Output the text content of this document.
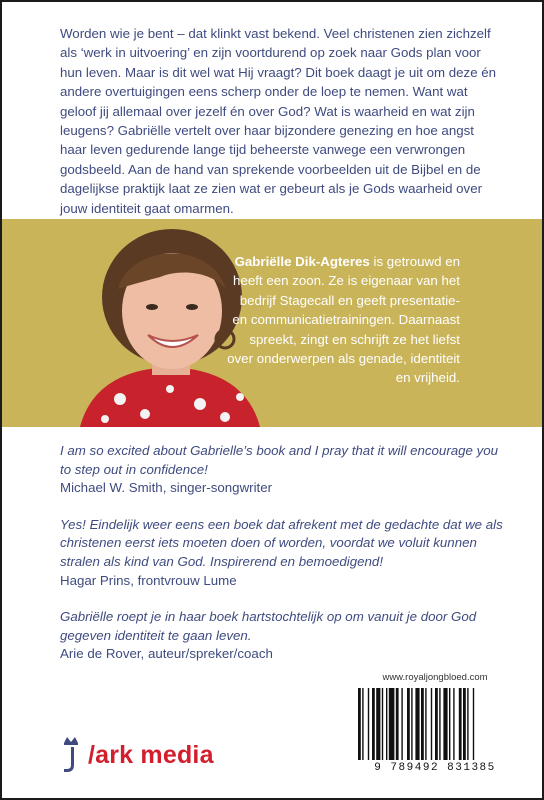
Worden wie je bent – dat klinkt vast bekend. Veel christenen zien zichzelf als ‘werk in uitvoering’ en zijn voortdurend op zoek naar Gods plan voor hun leven. Maar is dit wel wat Hij vraagt? Dit boek daagt je uit om deze én andere overtuigingen eens scherp onder de loep te nemen. Want wat geloof jij allemaal over jezelf én over God? Wat is waarheid en wat zijn leugens? Gabriëlle vertelt over haar bijzondere genezing en hoe angst haar leven gedurende lange tijd beheerste vanwege een verwrongen godsbeeld. Aan de hand van sprekende voorbeelden uit de Bijbel en de dagelijkse praktijk laat ze zien wat er gebeurt als je Gods waarheid over jouw identiteit gaat omarmen.

Gabriëlle Dik-Agteres is getrouwd en heeft een zoon. Ze is eigenaar van het bedrijf Stagecall en geeft presentatie- en communicatietrainingen. Daarnaast spreekt, zingt en schrijft ze het liefst over onderwerpen als genade, identiteit en vrijheid.

I am so excited about Gabrielle’s book and I pray that it will encourage you to step out in confidence!
Michael W. Smith, singer-songwriter
Yes! Eindelijk weer eens een boek dat afrekent met de gedachte dat we als christenen eerst iets moeten doen of worden, voordat we voluit kunnen stralen als kind van God. Inspirerend en bemoedigend!
Hagar Prins, frontvrouw Lume
Gabriëlle roept je in haar boek hartstochtelijk op om vanuit je door God gegeven identiteit te gaan leven.
Arie de Rover, auteur/spreker/coach
/ark media
www.royaljongbloed.com
9 789492 831385
